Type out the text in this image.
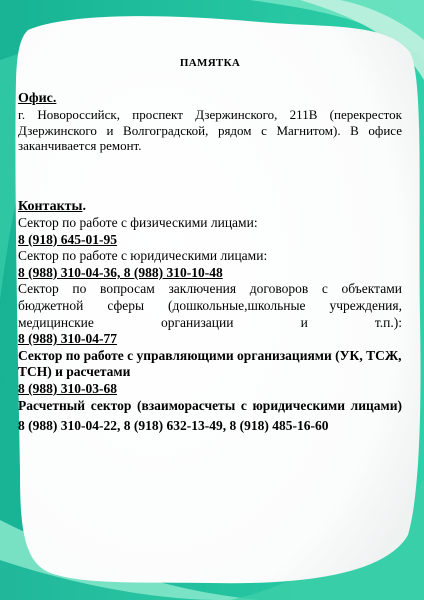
ПАМЯТКА
Офис.
г. Новороссийск, проспект Дзержинского, 211В (перекресток Дзержинского и Волгоградской, рядом с Магнитом). В офисе заканчивается ремонт.
Контакты.
Сектор по работе с физическими лицами:
8 (918) 645-01-95
Сектор по работе с юридическими лицами:
8 (988) 310-04-36, 8 (988) 310-10-48
Сектор по вопросам заключения договоров с объектами бюджетной сферы (дошкольные,школьные учреждения, медицинские организации и т.п.):
8 (988) 310-04-77
Сектор по работе с управляющими организациями (УК, ТСЖ, ТСН) и расчетами
8 (988) 310-03-68
Расчетный сектор (взаиморасчеты с юридическими лицами)
8 (988) 310-04-22, 8 (918) 632-13-49, 8 (918) 485-16-60
